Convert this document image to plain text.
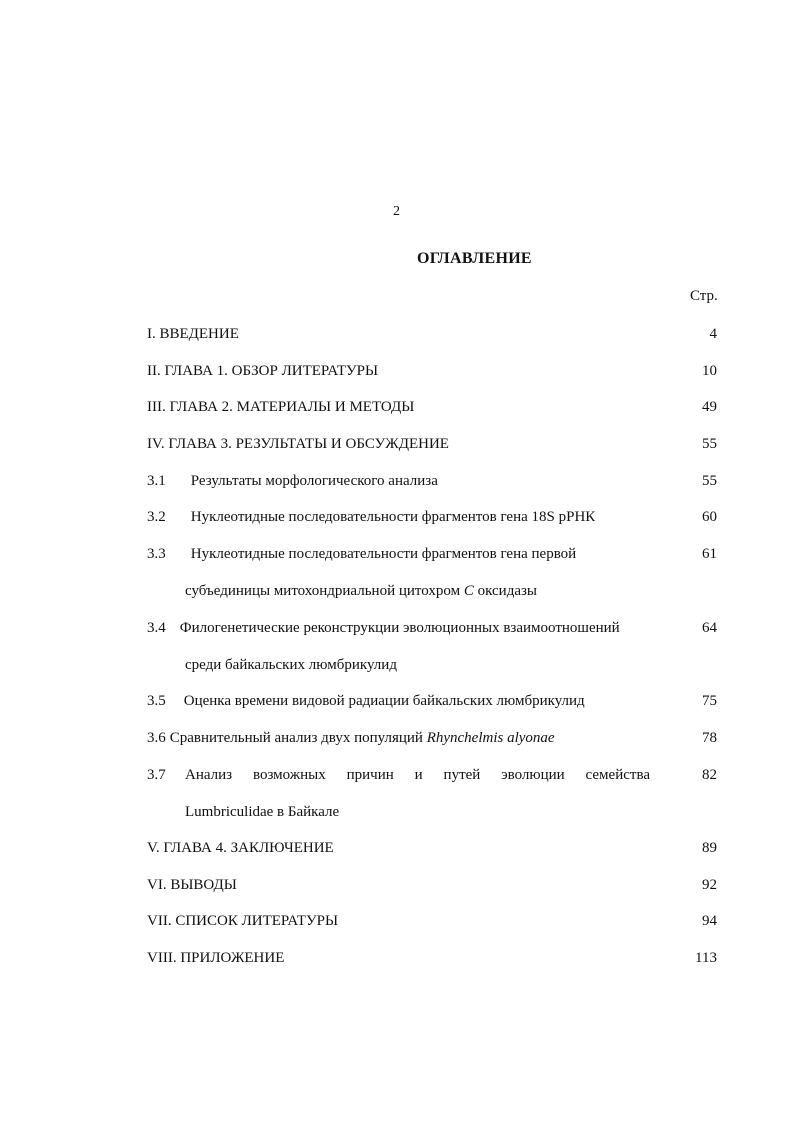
2
ОГЛАВЛЕНИЕ
Стр.
I. ВВЕДЕНИЕ	4
II. ГЛАВА 1. ОБЗОР ЛИТЕРАТУРЫ	10
III. ГЛАВА 2. МАТЕРИАЛЫ И МЕТОДЫ	49
IV. ГЛАВА 3. РЕЗУЛЬТАТЫ И ОБСУЖДЕНИЕ	55
3.1 Результаты морфологического анализа	55
3.2 Нуклеотидные последовательности фрагментов гена 18S рРНК	60
3.3 Нуклеотидные последовательности фрагментов гена первой	61
субъединицы митохондриальной цитохром С оксидазы
3.4 Филогенетические реконструкции эволюционных взаимоотношений	64
среди байкальских люмбрикулид
3.5 Оценка времени видовой радиации байкальских люмбрикулид	75
3.6 Сравнительный анализ двух популяций Rhynchelmis alyonae	78
3.7 Анализ возможных причин и путей эволюции семейства	82
Lumbriculidae в Байкале
V. ГЛАВА 4. ЗАКЛЮЧЕНИЕ	89
VI. ВЫВОДЫ	92
VII. СПИСОК ЛИТЕРАТУРЫ	94
VIII. ПРИЛОЖЕНИЕ	113
